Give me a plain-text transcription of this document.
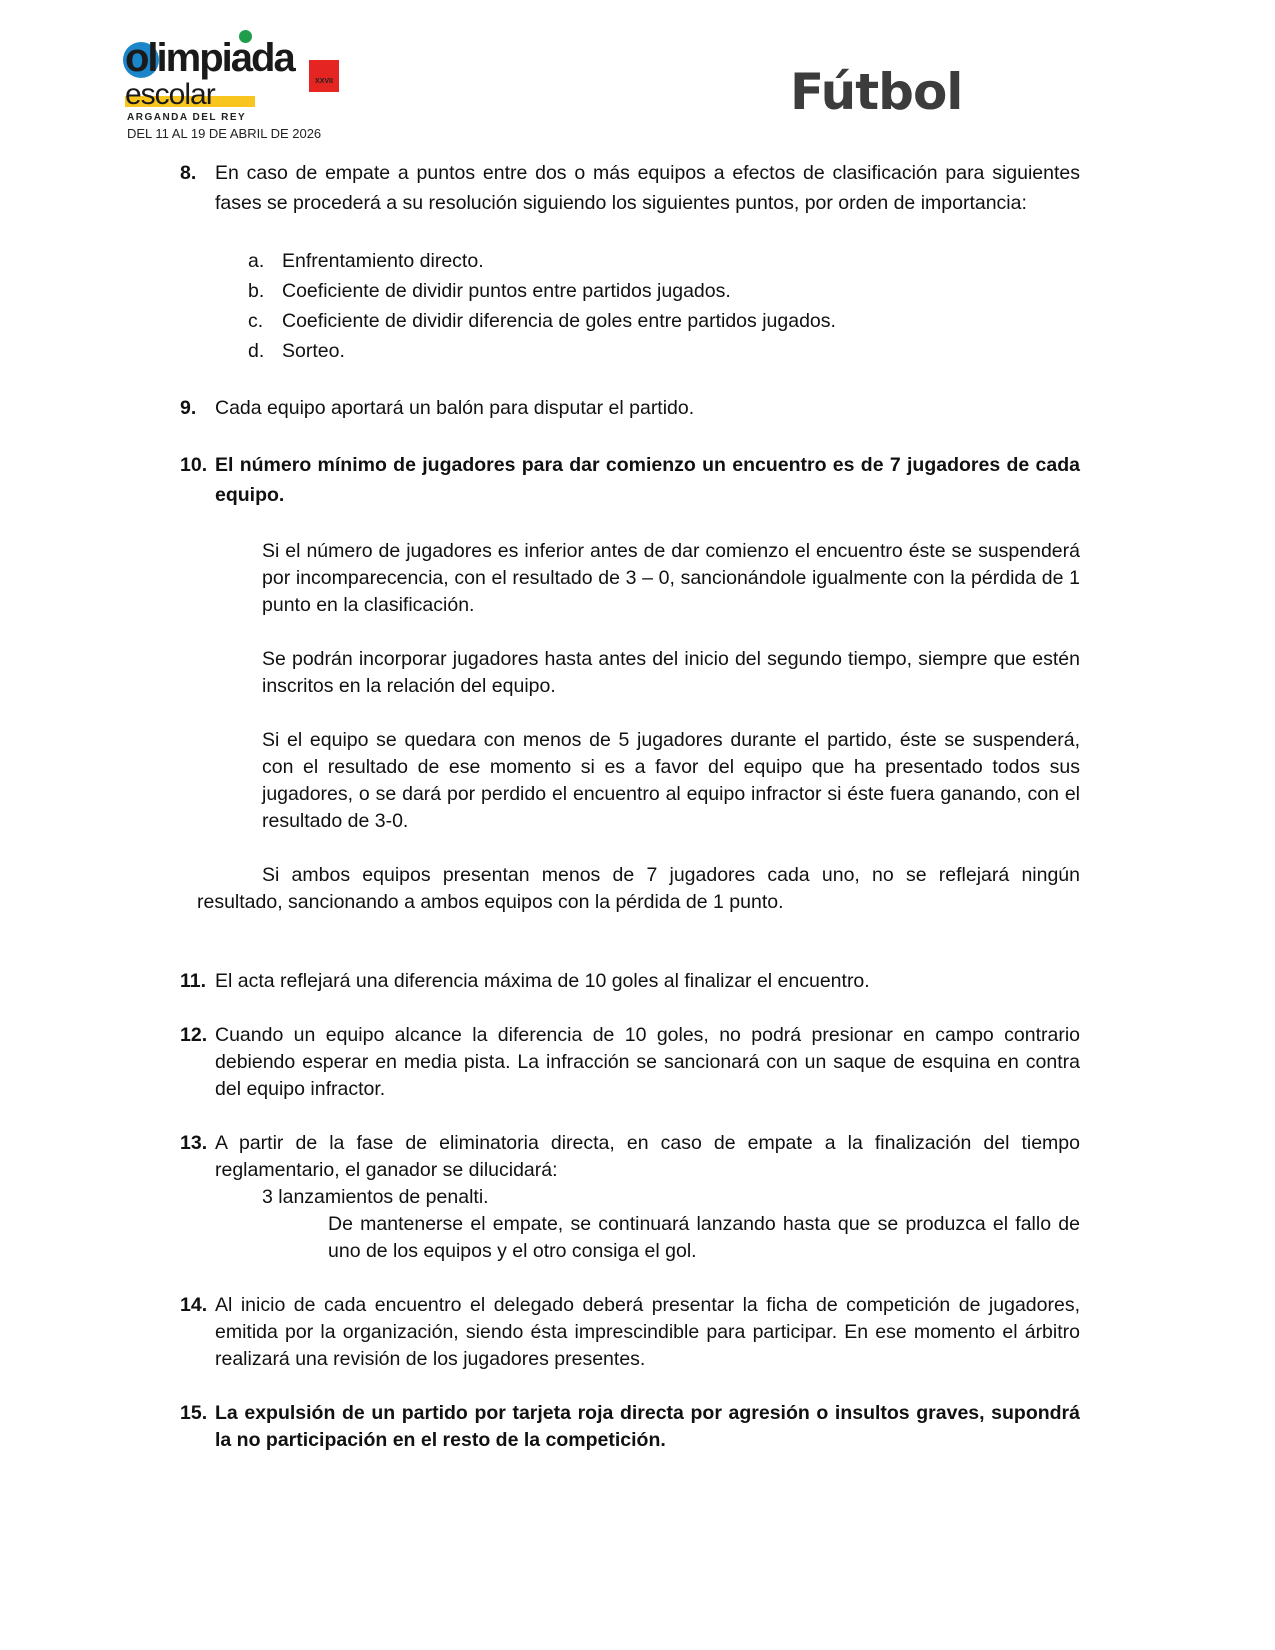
olimpiada
XXVII
escolar
ARGANDA DEL REY
DEL 11 AL 19 DE ABRIL DE 2026
Fútbol
8. En caso de empate a puntos entre dos o más equipos a efectos de clasificación para siguientes fases se procederá a su resolución siguiendo los siguientes puntos, por orden de importancia:
a. Enfrentamiento directo.
b. Coeficiente de dividir puntos entre partidos jugados.
c. Coeficiente de dividir diferencia de goles entre partidos jugados.
d. Sorteo.
9. Cada equipo aportará un balón para disputar el partido.
10. El número mínimo de jugadores para dar comienzo un encuentro es de 7 jugadores de cada equipo.
Si el número de jugadores es inferior antes de dar comienzo el encuentro éste se suspenderá por incomparecencia, con el resultado de 3 – 0, sancionándole igualmente con la pérdida de 1 punto en la clasificación.
Se podrán incorporar jugadores hasta antes del inicio del segundo tiempo, siempre que estén inscritos en la relación del equipo.
Si el equipo se quedara con menos de 5 jugadores durante el partido, éste se suspenderá, con el resultado de ese momento si es a favor del equipo que ha presentado todos sus jugadores, o se dará por perdido el encuentro al equipo infractor si éste fuera ganando, con el resultado de 3-0.
Si ambos equipos presentan menos de 7 jugadores cada uno, no se reflejará ningún resultado, sancionando a ambos equipos con la pérdida de 1 punto.
11. El acta reflejará una diferencia máxima de 10 goles al finalizar el encuentro.
12. Cuando un equipo alcance la diferencia de 10 goles, no podrá presionar en campo contrario debiendo esperar en media pista. La infracción se sancionará con un saque de esquina en contra del equipo infractor.
13. A partir de la fase de eliminatoria directa, en caso de empate a la finalización del tiempo reglamentario, el ganador se dilucidará:
3 lanzamientos de penalti.
De mantenerse el empate, se continuará lanzando hasta que se produzca el fallo de uno de los equipos y el otro consiga el gol.
14. Al inicio de cada encuentro el delegado deberá presentar la ficha de competición de jugadores, emitida por la organización, siendo ésta imprescindible para participar. En ese momento el árbitro realizará una revisión de los jugadores presentes.
15. La expulsión de un partido por tarjeta roja directa por agresión o insultos graves, supondrá la no participación en el resto de la competición.
